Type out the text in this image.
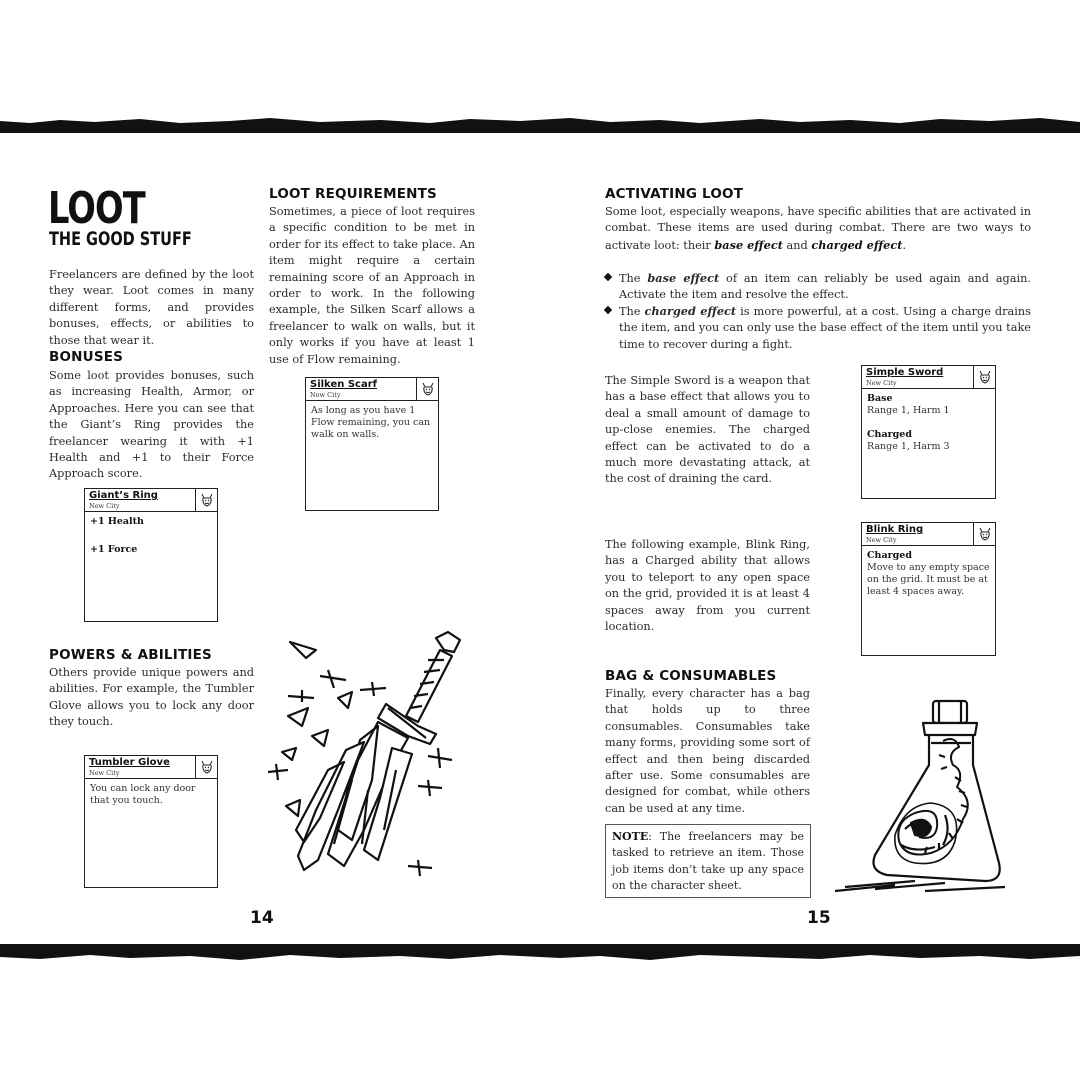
LOOT
THE GOOD STUFF
Freelancers are defined by the loot they wear. Loot comes in many different forms, and provides bonuses, effects, or abilities to those that wear it.
BONUSES
Some loot provides bonuses, such as increasing Health, Armor, or Approaches. Here you can see that the Giant’s Ring provides the freelancer wearing it with +1 Health and +1 to their Force Approach score.
LOOT REQUIREMENTS
Sometimes, a piece of loot requires a specific condition to be met in order for its effect to take place. An item might require a certain remaining score of an Approach in order to work. In the following example, the Silken Scarf allows a freelancer to walk on walls, but it only works if you have at least 1 use of Flow remaining.
POWERS & ABILITIES
Others provide unique powers and abilities. For example, the Tumbler Glove allows you to lock any door they touch.
Giant’s Ring
New City
+1 Health
+1 Force
Silken Scarf
New City
As long as you have 1 Flow remaining, you can walk on walls.
Tumbler Glove
New City
You can lock any door that you touch.
14
ACTIVATING LOOT
Some loot, especially weapons, have specific abilities that are activated in combat. These items are used during combat. There are two ways to activate loot: their base effect and charged effect.
The base effect of an item can reliably be used again and again. Activate the item and resolve the effect.
The charged effect is more powerful, at a cost. Using a charge drains the item, and you can only use the base effect of the item until you take time to recover during a fight.
The Simple Sword is a weapon that has a base effect that allows you to deal a small amount of damage to up-close enemies. The charged effect can be activated to do a much more devastating attack, at the cost of draining the card.
The following example, Blink Ring, has a Charged ability that allows you to teleport to any open space on the grid, provided it is at least 4 spaces away from you current location.
Simple Sword
New City
Base
Range 1, Harm 1
Charged
Range 1, Harm 3
Blink Ring
New City
Charged
Move to any empty space on the grid. It must be at least 4 spaces away.
BAG & CONSUMABLES
Finally, every character has a bag that holds up to three consumables. Consumables take many forms, providing some sort of effect and then being discarded after use. Some consumables are designed for combat, while others can be used at any time.
NOTE: The freelancers may be tasked to retrieve an item. Those job items don’t take up any space on the character sheet.
15
